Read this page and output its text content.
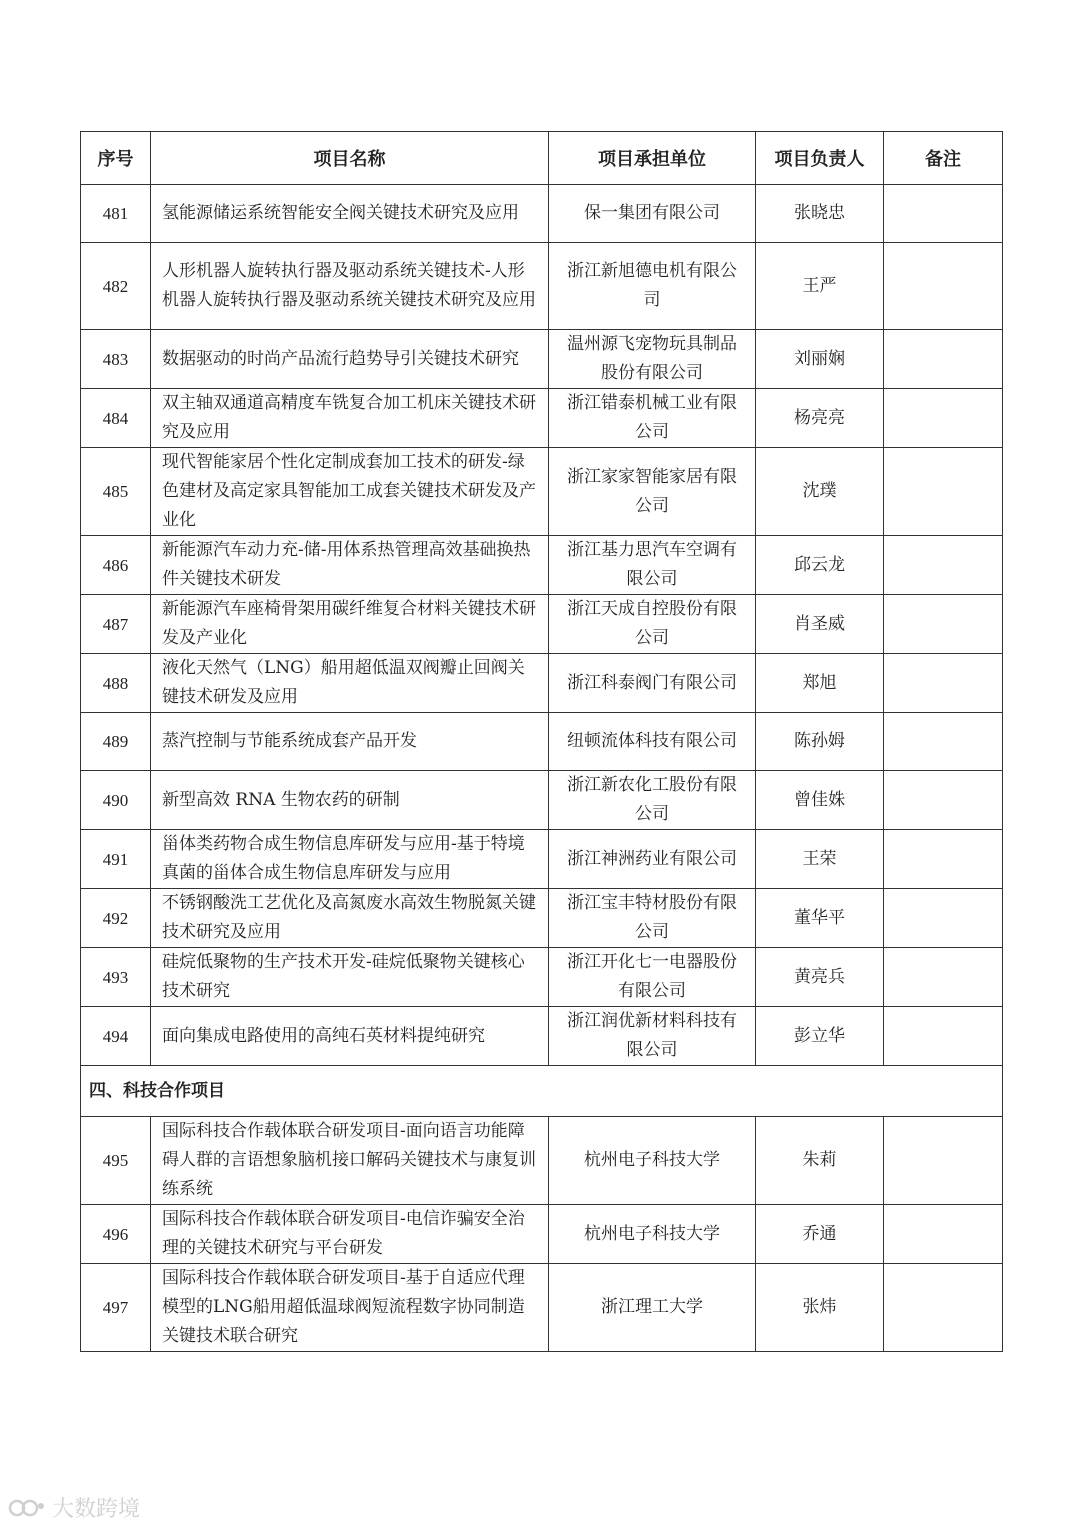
序号	项目名称	项目承担单位	项目负责人	备注
481	氢能源储运系统智能安全阀关键技术研究及应用	保一集团有限公司	张晓忠	
482	人形机器人旋转执行器及驱动系统关键技术-人形机器人旋转执行器及驱动系统关键技术研究及应用	浙江新旭德电机有限公司	王严	
483	数据驱动的时尚产品流行趋势导引关键技术研究	温州源飞宠物玩具制品股份有限公司	刘丽娴	
484	双主轴双通道高精度车铣复合加工机床关键技术研究及应用	浙江错泰机械工业有限公司	杨亮亮	
485	现代智能家居个性化定制成套加工技术的研发-绿色建材及高定家具智能加工成套关键技术研发及产业化	浙江家家智能家居有限公司	沈璞	
486	新能源汽车动力充-储-用体系热管理高效基础换热件关键技术研发	浙江基力思汽车空调有限公司	邱云龙	
487	新能源汽车座椅骨架用碳纤维复合材料关键技术研发及产业化	浙江天成自控股份有限公司	肖圣威	
488	液化天然气（LNG）船用超低温双阀瓣止回阀关键技术研发及应用	浙江科泰阀门有限公司	郑旭	
489	蒸汽控制与节能系统成套产品开发	纽顿流体科技有限公司	陈孙姆	
490	新型高效 RNA 生物农药的研制	浙江新农化工股份有限公司	曾佳姝	
491	甾体类药物合成生物信息库研发与应用-基于特境真菌的甾体合成生物信息库研发与应用	浙江神洲药业有限公司	王荣	
492	不锈钢酸洗工艺优化及高氮废水高效生物脱氮关键技术研究及应用	浙江宝丰特材股份有限公司	董华平	
493	硅烷低聚物的生产技术开发-硅烷低聚物关键核心技术研究	浙江开化七一电器股份有限公司	黄亮兵	
494	面向集成电路使用的高纯石英材料提纯研究	浙江润优新材料科技有限公司	彭立华	
四、科技合作项目				
495	国际科技合作载体联合研发项目-面向语言功能障碍人群的言语想象脑机接口解码关键技术与康复训练系统	杭州电子科技大学	朱莉	
496	国际科技合作载体联合研发项目-电信诈骗安全治理的关键技术研究与平台研发	杭州电子科技大学	乔通	
497	国际科技合作载体联合研发项目-基于自适应代理模型的LNG船用超低温球阀短流程数字协同制造关键技术联合研究	浙江理工大学	张炜	
大数跨境
